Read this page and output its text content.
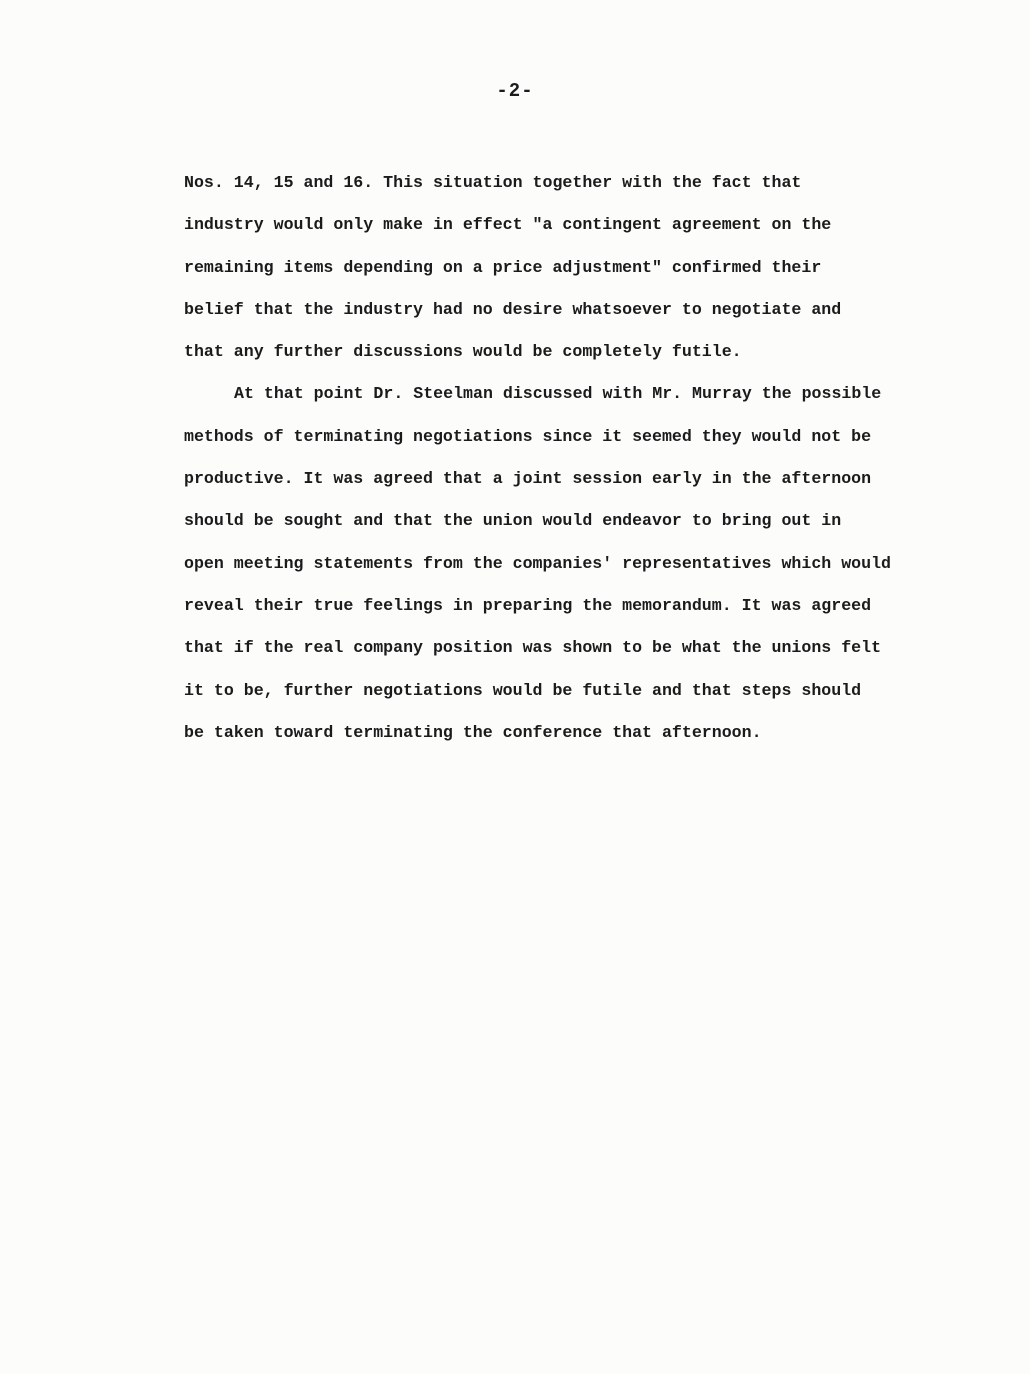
-2-
Nos. 14, 15 and 16. This situation together with the fact that
industry would only make in effect "a contingent agreement on the
remaining items depending on a price adjustment" confirmed their
belief that the industry had no desire whatsoever to negotiate and
that any further discussions would be completely futile.
At that point Dr. Steelman discussed with Mr. Murray the possible
methods of terminating negotiations since it seemed they would not be
productive. It was agreed that a joint session early in the afternoon
should be sought and that the union would endeavor to bring out in
open meeting statements from the companies' representatives which would
reveal their true feelings in preparing the memorandum. It was agreed
that if the real company position was shown to be what the unions felt
it to be, further negotiations would be futile and that steps should
be taken toward terminating the conference that afternoon.
